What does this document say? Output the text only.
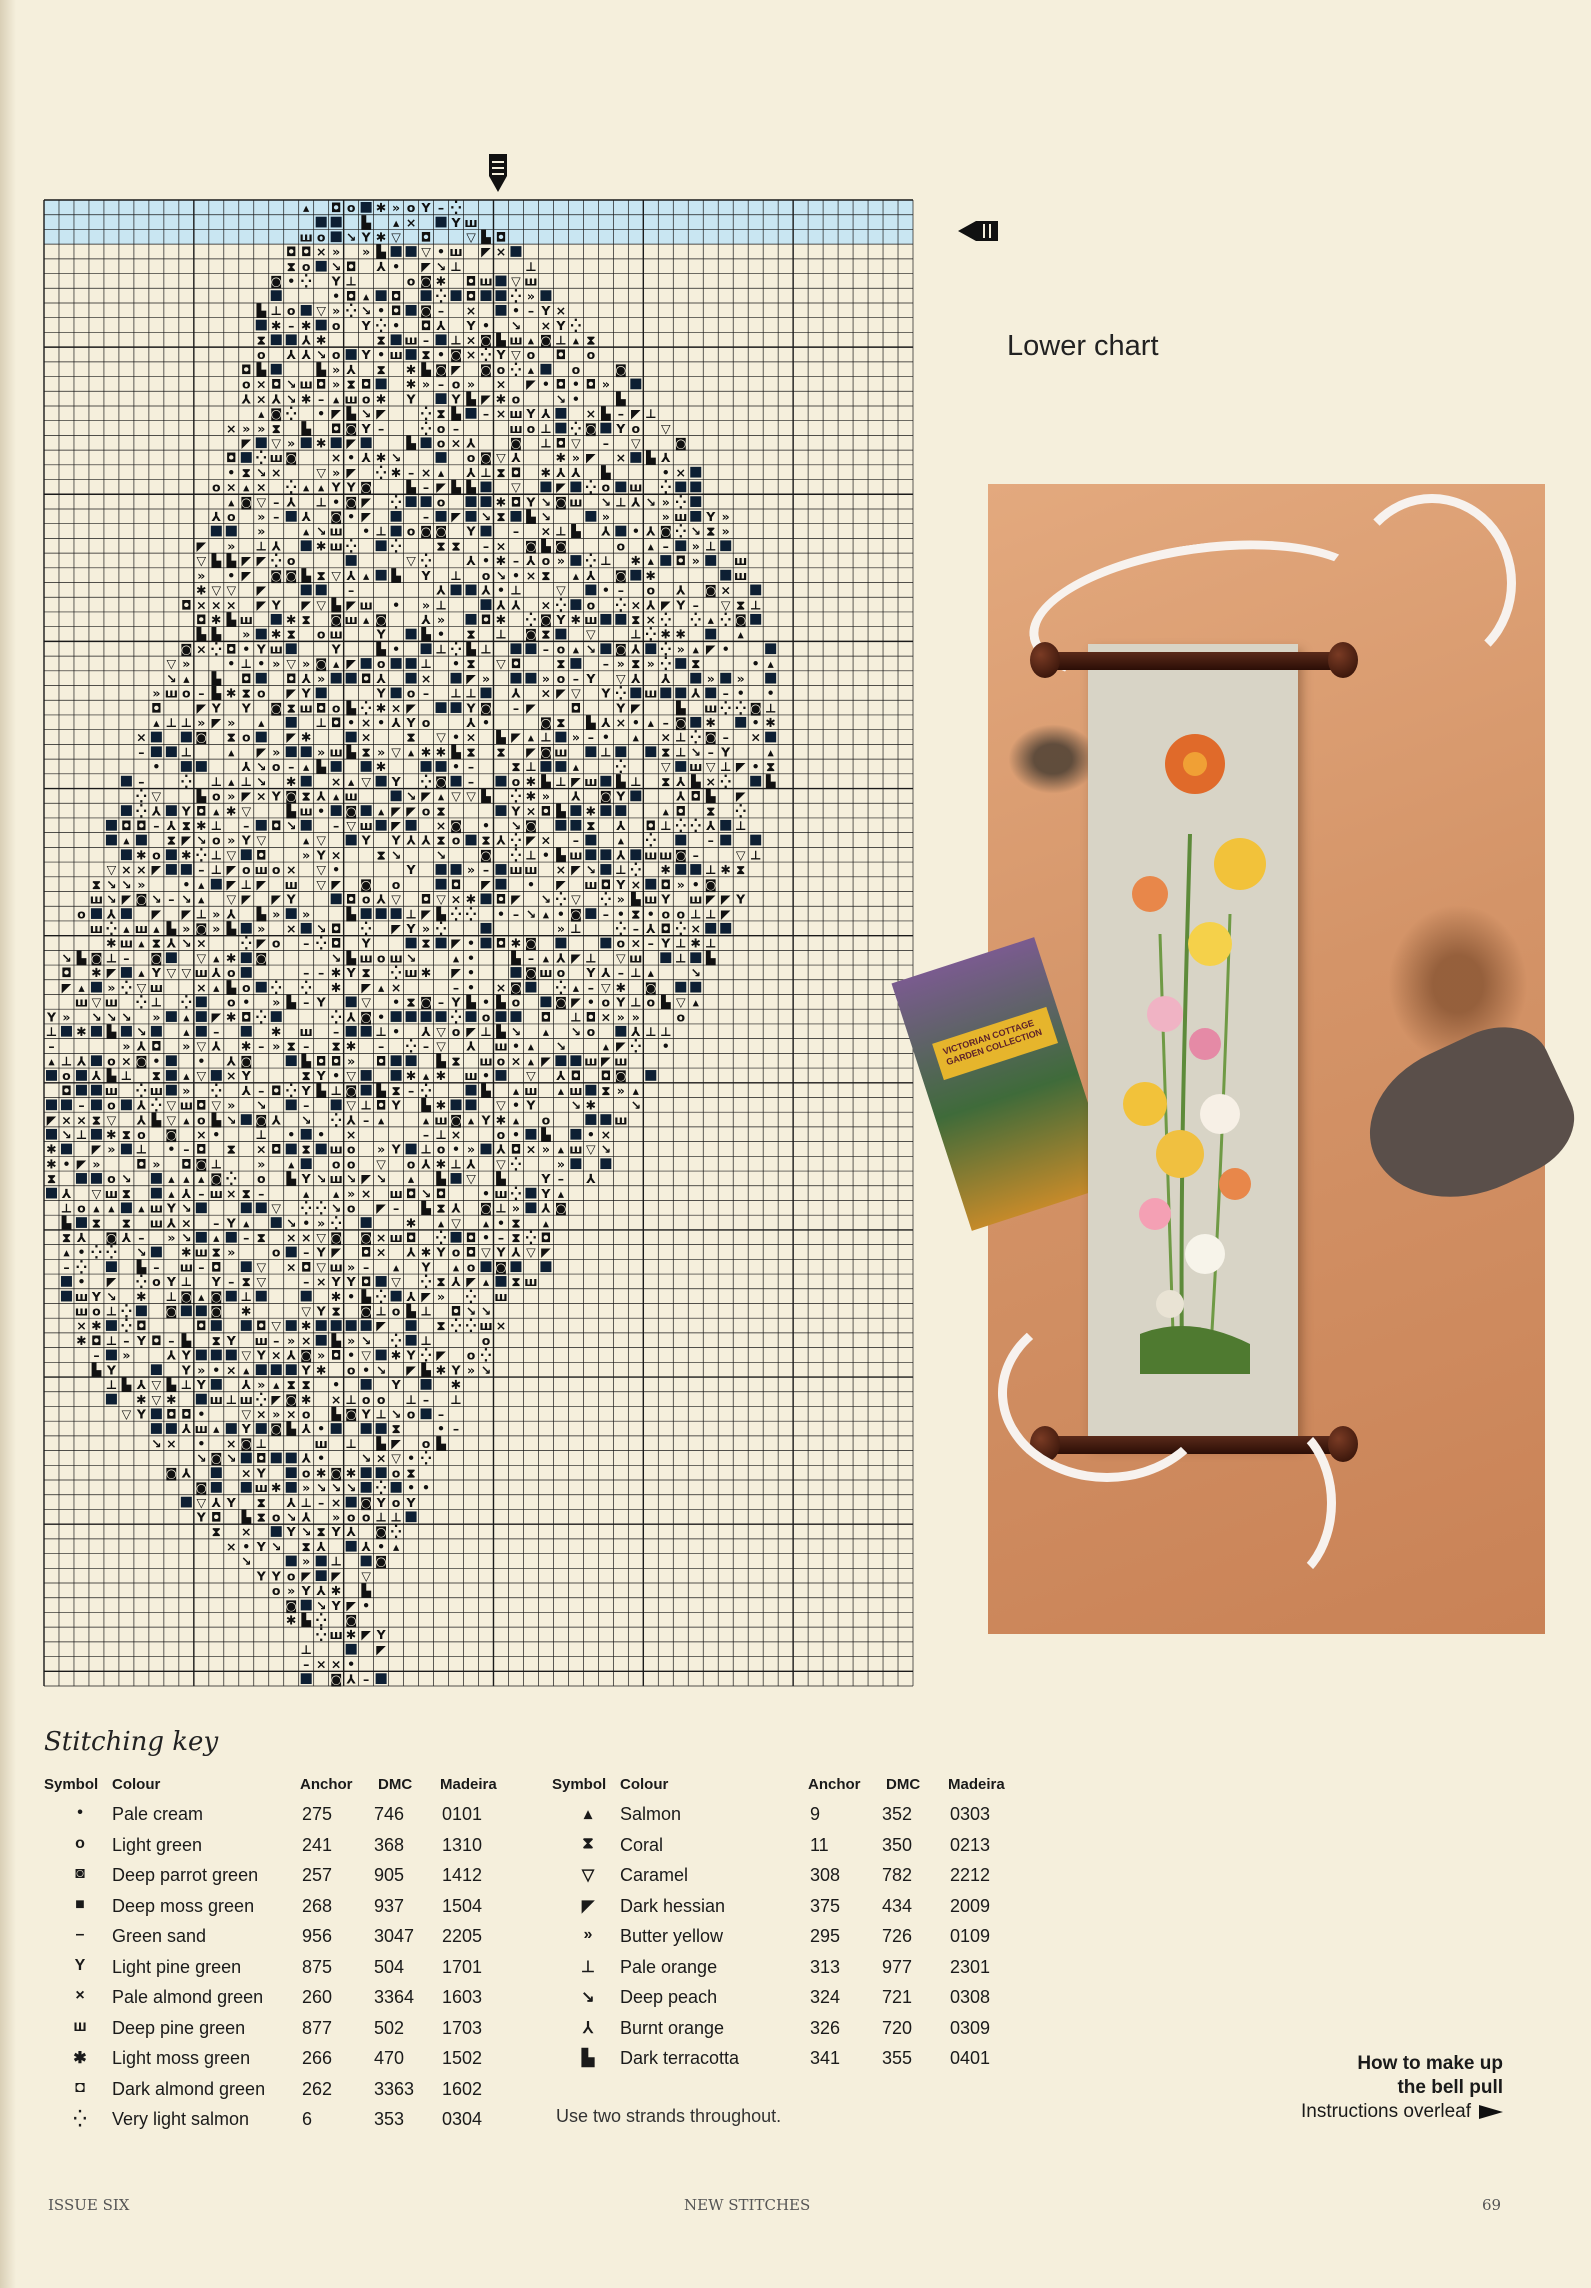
▴ ◘ o ✱ » o Y – ⁛
▙ ▴ ×	Y ш
ш o ↘ Y ✱ ▽ ◘	▽ ▙ ◘
◘ ◘ × » » ▙	▽ • ш ◤ ×
⧗ o ↘ ◘ ⅄ • ◤ ↘ ⊥	⊥
◙ • ⁛ Y ⊥	o ◙ ✱ ◘ ш ▽ ш
• ◘ ▴ ◘	⁛ ◘	⁛ »
▙ ⊥ o ▽ » ⁛ ↘ • ◘ ◙ – ×	• – Y ×
✱ – ✱ o Y ⁛ • ◘ ⅄ Y • ↘ × Y ⁛
⧗	⅄ ✱	⧗ ш – ⊥ × ◙ ▙ ш ▴ ◙ ⊥ ▴ ⧗
o ⅄ ⅄ ↘ o Y • ш ⧗ • ◙ × ⁛ Y ▽ o ◘ o
◘ ▙	▙ » ⅄ ⧗ ✱ ▙ ◙ ◤ ◙ o ⁛ ▴	o	◙
o × ◘ ↘ ш ◘ » ⧗ ◘	✱ » – o » × ◤ • ◘ • ◘ »
⅄ × ⅄ ↘ ✱ – ▴ ш o ✱ Y	Y ▙ ◤ ✱ o	↘ •	▙
▴ ◙ ⁛ • ◤ ▙ ↘ ◤	⁛ ⧗ ▙ – × ш Y ⅄	× ▙ – ◤ ⊥
× » » ⧗ ▙ ◘ ◙ Y –	⁛ o –	ш o ⊥ ⁛ ◙ Y o ▽
◤ ▽ » ✱ ◤	▙ o × ⅄	◙ ⊥ ◘ ▽ – ▽	◙
◘ ⁛ ш ◙	× • ⅄ ✱ ↘	o ◙ ▽ ⅄	✱ » ◤ × ▙ ⅄
• ⧗ ↘ ×	▽ » ◤ ⁛ ✱ – × ▴ ⅄ ⊥ ⧗ ◘ ✱ ⅄ ⅄ ▙	• ×
o × ▴ × ⁛ ▴ ▴ Y Y ◙	▙ – ◤ ▙ ▙	▽	◤ ⁛ o ш ⁛
▴ ◙ ▽ – ⅄ ⊥ • ◙ ◤ ⁛	o	✱ ◘ Y ↘ ◙ ш ↘ ⊥ ⅄ ↘ » ⁛
⅄ o » – ⅄ ◙ • ◤	– ◤ ↘ ⧗ ▙ ↘	»	» ш Y »
»	▴ ↘ ш • ⊥ o ◙ ◙ Y	– × ⊥ ▙ ⅄ • ⅄ ◙ ⁛ ↘ ⧗ »
◤ » ⊥ ⅄	✱ ш ⁛	⁛	⧗ ⧗ – × ◙ ▙ ◙	o ▴ – » ⊥
▽ ▙ ▙ ◤ ◤ ⁛ o	▽ ⁛	⅄ • ✱ – ⅄ o » ⁛ ⊥ ✱ ▴ ◘ »	ш
» • ◤ ◙ ◙ ▙ ⧗ ▽ ⅄ ▴ ▙ Y ⊥ o ↘ • × ⧗ ▴ ⅄ ◙ ✱	ш
✱ ▽ ▽ ◤	–	⅄	⅄ • ⊥	▽	• – o ⅄ ◙ ×
◘ × × × ◤ Y ◤ ▽ ▙ ◤ ш • » ⊥	⅄ ⅄ × ⁛ o ⁛ × ⅄ ◤ Y – ▽ ⧗ ⊥
◘ ✱ ▙ ш	✱ ⧗ ◙ ш ▴ ◙	⅄ »	◘ ✱ ⁛ ◙ Y ✱ ш	⧗ × ⁛ ⁛ ▴ ⁛ ◙
▙ ▙ » ✱ ⧗ o ш	Y	▙ • ⧗ ⊥ ◙ ⧗	▽	⊥ ⁛ ✱ ✱	▴
◙ × ⁛ ◘ • Y ш	Y	▙ •	⊥ ⁛ ▙ ⊥	– o ▴ ↘ ◙ ⅄ ⁛ » ▴ ◤ •
▽ »	• ⊥ • » ▽ » ◙ ▴ ◤ o	⊥ • ⧗ ▽ ◘	⧗	– » ⧗ » ⁛ ⧗	• ▴
↘ ▴ ▙ ◘	◘ ⅄ »	◘ ⅄	×	◤ »	» o – Y ▽ ⅄ ⅄	» »
» ш o – ▙ ✱ ⧗ o ◤ Y	Y o – ⊥ ⊥	⅄ × ◤ ▽ Y ⁛ ш	⅄ – • •
◘	◤ Y Y ◙ ⧗ ш ◘ o ▙ ⁛ ✱ × ◤	Y ◙ – ◤	◘	Y ◤	▙ ш ⁛ ⁛ ◙ ⊥
▴ ⊥ ⊥ » ◤ » ▴	⊥ ◘ • × • ⅄ Y o	⅄ •	◙ ⧗ ▙ ⅄ × • ▴ – ◙ ✱	• ✱
×	◙ ⧗ o	◤ ✱	×	⧗ ▽ • × ▙ ◤ ▴ ⊥ » – • ▴ × ⊥ ⁛ ◙ – ×
–	⊥	▴ ◤ »	» ш ▙ ⧗ » ▽ ▴ ✱ ✱ ▙ ⧗ ⧗ ◤ ◙ ш	⊥	⧗ ⊥ ↘ – Y	▴
•	⅄ ↘ o – ▴ ▙	✱	• –	⧗ ⊥	▴	⁛	▽ ш ▽ ⊥ ◤ • ⧗
–	⁛ ⊥ ▴ ⊥ ↘ ✱	× ▴ ▽ Y ⁛ ◙ –	o ✱ ▙ ⊥ ◤ ш ▙ ⊥ ⧗ ⅄ ▙ × ⁛	▙
⁛ ▽	▙ o » ◤ × Y ◙ ⧗ ⅄ ▴ ш	↘ ◤ ▴ ▽ ▽ ▙ ⁛ ✱ » ⅄ ◙ Y	⅄ ◘ ▙ ◤
⁛ ⅄ Y ◘ ▴ ✱ ▽	▙ ш • ◙ ▴ ◤ ◤ o ⧗	Y × ◘ ▙ ✱	▴ ◘ ⧗ ⁛
◘ ◘ – ⅄ ⧗ ✱ ⊥ – ◘ ↘	– ▽ ш ◤	× ◙ • ↘ ◙	⧗ ⅄ ◘ ⊥ ⁛ ⁛ ⅄ ⊥
▴	⧗ ◤ ↘ o » Y ▽	▴ ▽	Y Y ⅄ ⅄ ⧗ o ⧗ ⅄ ⁛ ◤ × –	▴ ⁛	–
✱ o ✱ ⁛ ⊥ ▽ ◘	» Y ×	⧗ ↘	↘	◙ ⁛ ⊥ • ▙ ш	⅄ ш ш ◙ –	▽ ⊥
▽ × × ◤	– ⊥ ◤ o ш o × ▽ •	Y	» – ш ш × ◤ ↘ ⊥ ⁛ ✱	⊥ ✱ ⧗
⧗ ↘ ↘ »	• ▴ ◤ ⊥ ◤ ш ▽ ◤ ◙ o	◘ ◤	• ◤ ш ◘ Y × ◘ » • ◙
ш ↘ ◤ ◙ ↘ – ↘ ▴ ▽ ◤ ◤ Y	◘ o ⅄ ▽ ◘ ▽ × ✱ ◘ ◤ ↘ ⁛ ▽ ⁛ » ▙ ш Y ш ◤ ◤ Y
o ⅄	◤ ◤ ⊥ » ⅄ ▙ » »	▙	⊥ ◤ ▙ ⁛ ⁛ • – ↘ ▴ • ◙ – • ⧗ • o o ⊥ ⊥ ◤
ш ⁛ ▴ ш ▴ ▙ » ◙ » ▙ » × ↘ ◘ ⁛ ◤ Y » ⁛	» ⊥	⁛ – ⅄ ◘ ⁛ ×
✱ ш ▴ ⧗ ⅄ ↘ ×	⁛ ◤ o – ⁛ ◘ Y	⧗ ◤ • ◘ ✱ ◙	o × – Y ⊥ ✱ ⊥
↘ ▙ ◙ ⊥ – ◙	▽ ▴ ✱ ◙	↘ ▙ ш o ш ↘	▴ •	▙ – ▴ ⅄ ◤ ⊥ ▽ ш	⊥ ▙
◘ ✱ ◤ ▴ Y ▽ ▽ ш ⅄ o	– – ✱ Y ⧗ ⁛ ш ✱ ◤ •	◙ ш o Y ⅄ – ⊥ ▴	↘
◤ ▴ » ⁛ ▽ ш	× ▴ ▙ o ⁛ ⁛ ✱ ◤ ▴ ×	– • × ◙	⁛ ▴ – ▽ ✱ ◙
ш ▽ ш ⁛ ⊥ ⁛	o • » ▙ – Y	▽ • ⧗ ◙ – Y ▙ • ▙ o	◙ ◤ • o Y ⊥ o ▙ ▽ ▴
Y » ↘ ↘ ↘ » ▴ ◤ ✱ ◘ ⁛	⁛ ⅄ ◙ •	⁛ o	◘ ⊥ ◘ × » »	o
⊥ ✱ ▙ ↘	▴ –	✱ ш –	⊥ • ⅄ ▽ o ◤ ⊥ ▙ ↘ ▴ ↘ o	⅄ ⊥ ⊥
–	» ⅄ ◘ » ▽ ⅄ ✱ – » ⧗ – ⧗ ✱ – ⁛ – ▽ ⅄ ш • ▴ ↘	▴ ◤ ⁛ •
▴ ⊥ ⅄ o × ◙ •	• ⅄ ◙	▙ ◘ ◘ » ◘	▙ ⧗ ш o × ▴ ◤	ш ◤ ш
o ⅄ ▙ ⊥ ⧗ ▴ ▽ × Y	⧗ Y • ▽	✱ ▴ ✱ ш •	▽ ⅄ ◘ ◘ ◙
◘	ш ⁛ ш » ⁛ ⅄ – ◘ ⁛ Y ▙ ⊥ ◙ ▙ ⧗ – ⁛	▙ ▴ ш ▴ ш ⧗ » ▴
– o ⅄ ⁛ ▽ ш ◘ ▽ » ↘	–	▽ ⊥ ◘ Y ▙ ✱	▽ • Y	↘ ✱	↘
◤ × × ⧗ ▽ ⅄ ▙ ▽ ▴ o ▙ ↘ ◙ ⅄ ↘ ⁛ ⅄ – ▴	▴ ш ◙ ▴ Y ✱ ▴ o	ш
↘ ⊥ ✱ ⧗ o ◙ × •	⊥ • • ×	– ⊥ ×	o • ▙	• ×
✱	◤ » ⊥ • – ◘ ⧗ × ◘ ⧗ ш o » Y ⊥ o • » ⅄ ◘ × » ▴ ш ▽ ↘
✱ • ◤ »	◘ » ◘ ◙ ⊥	» ▴	o o ▽ o ⅄ ✱ ⊥ ⅄ ▽ ⁛	»
⧗	o ↘	▴ ▴ ▴ ◙ ⁛ o ▙ Y ↘ ш ↘ ◤ ↘ ▴ ▙ ▽ ▙	Y – ⅄
⅄ ▽ ш ⧗	▴ ⅄ – ш × ⧗ –	▴ ▴ » × ш ◘ ↘ ◘	• ш ⁛ Y ▴
⊥ o ▴ ▴ ▴ ш Y ↘	▽ ⁛ ⁛ ↘ o ◤ – ▙ ⧗ ⅄ ◙ ⊥ » ⅄ ◙
▙ ⧗ ⧗ ш ⅄ × – Y ▴	↘ • » ⁛	✱ ▴ ▽ ▴ • ⧗ ▴
⧗ ⅄ ◙ ⅄ – » ↘ ▴ – ⧗ × × ▽ ◙ ◙ × ш ◘ ⁛ ◘ • – ⧗ ⁛ ◘
▴ • ⁛ ⁛ ↘	✱ ш ⧗ »	o – Y ◤ ◘ × ⅄ ✱ Y o ◘ ▽ Y ⅄ ▽ ◤
– ⁛	▙ – ш – ◘	▽ × ◘ ▽ ш » – ▴ Y ▴ o ◙
• ◤ ⁛ o Y ⊥ Y – ⧗ ▽	– × Y Y ◘ ▽ ⁛ ⧗ ⅄ ◤ ▴ ⧗ ш
ш Y ↘ ✱ ⊥ ◙ ▴ ◙ ⊥	✱ • ▙ ⁛ ⅄ ◤ » ⁛ ш
ш o ⊥ ⁛	◙	◙ ✱	▽ Y ⧗ ◙ ⊥ o ▙ ⊥ ◘ ↘ ↘
× ✱ ⁛ ◘	◘	◘ ▽ ✱	◤	⧗ ⁛ ⁛ ш ×
✱ ◘ ⊥ – Y ◘ – ▙ ⧗ Y ш – » × ▙ » ↘ ⁛ ⊥	o
– »	⅄ Y	▽ Y × ⅄ ◙ » ◘ • ▽ ✱ Y ⁛ ◤ o ⁛
▙ Y	Y » • × ▴	Y ✱ o • ↘ ◤ ▙ ✱ Y » ↘
⊥ ▙ ⅄ ▽ ▙ ⊥ Y	⅄ » ▴ ⧗ ⧗ •	Y	✱
✱ ▽ ✱	ш ⊥ ш ⁛ ◤ ◙ ✱ × ⊥ o o ⊥ – ⊥
▽ Y ◘ ◘ •	▽ × » × o ▙ ◙ Y ⊥ ↘ o –
⅄ ш ▴ Y ◙ ▙ ⅄ •	⧗	• –
↘ × • × ◙ ⊥	ш ⊥ ▙ ◤ o ▙
↘ ◙ ↘ ◘	⅄ •	↘ × ▽ • ⁛
◙ ⅄	× Y	o ✱ ◙ ✱	o ⧗
◙	ш ✱ » ↘ ↘ ↘ ⁛ • •
▽ ⅄ Y ⧗ ⅄ ⊥ – × ◙ Y o Y
Y ◘ ▙ ⧗ o ↘ ⅄ » o o ⊥ ⊥
⧗ ×	Y ↘ ⧗ Y ⅄ ◙ ⁛
× • Y ↘ ⧗ ⅄	⅄ • ▴
↘	» ⊥	◙
Y Y o ◤ ◤ ▽
o » Y ⅄ ✱ ▙
◙ ↘ Y ◤ •
✱ ▙ ⁛ ◙
⁛ ш ✱ ◤ Y
⊥	◤
– × × •
◙ ⅄ –
Lower chart
VICTORIAN COTTAGE GARDEN COLLECTION
Stitching key
Symbol Colour	Anchor DMC Madeira
• Pale cream	275 746 0101
o Light green	241 368 1310
◙ Deep parrot green 257 905 1412
■ Deep moss green	268 937 1504
– Green sand	956 3047 2205
Y Light pine green	875 504 1701
× Pale almond green 260 3364 1603
ш Deep pine green	877 502 1703
✱ Light moss green	266 470 1502
◘ Dark almond green 262 3363 1602
⁛ Very light salmon	6	353 0304
Symbol Colour	Anchor DMC Madeira
▴ Salmon	9	352 0303
⧗ Coral	11	350 0213
▽ Caramel	308 782 2212
◤ Dark hessian	375 434 2009
» Butter yellow	295 726 0109
⊥ Pale orange	313 977 2301
↘ Deep peach	324 721 0308
⅄ Burnt orange	326 720 0309
▙ Dark terracotta	341 355 0401
Use two strands throughout.
How to make up
the bell pull
Instructions overleaf
ISSUE SIX	NEW STITCHES	69
